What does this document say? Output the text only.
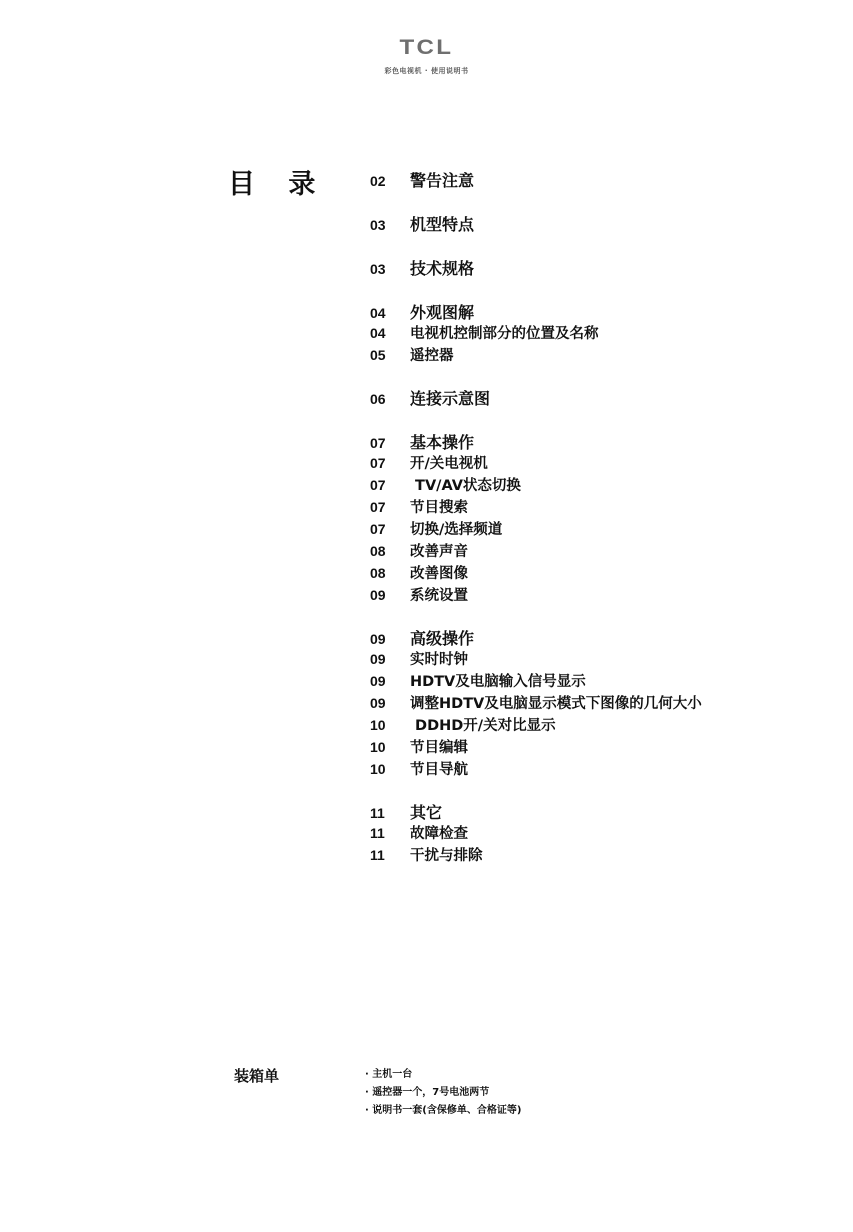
TCL
彩色电视机 · 使用说明书
目 录	02	警告注意
03	机型特点
03	技术规格
04	外观图解
04	电视机控制部分的位置及名称
05	遥控器
06	连接示意图
07	基本操作
07	开/关电视机
07	TV/AV状态切换
07	节目搜索
07	切换/选择频道
08	改善声音
08	改善图像
09	系统设置
09	高级操作
09	实时时钟
09	HDTV及电脑输入信号显示
09	调整HDTV及电脑显示模式下图像的几何大小
10	DDHD开/关对比显示
10	节目编辑
10	节目导航
11	其它
11	故障检查
11	干扰与排除
装箱单	· 主机一台
· 遥控器一个，7号电池两节
· 说明书一套(含保修单、合格证等)
